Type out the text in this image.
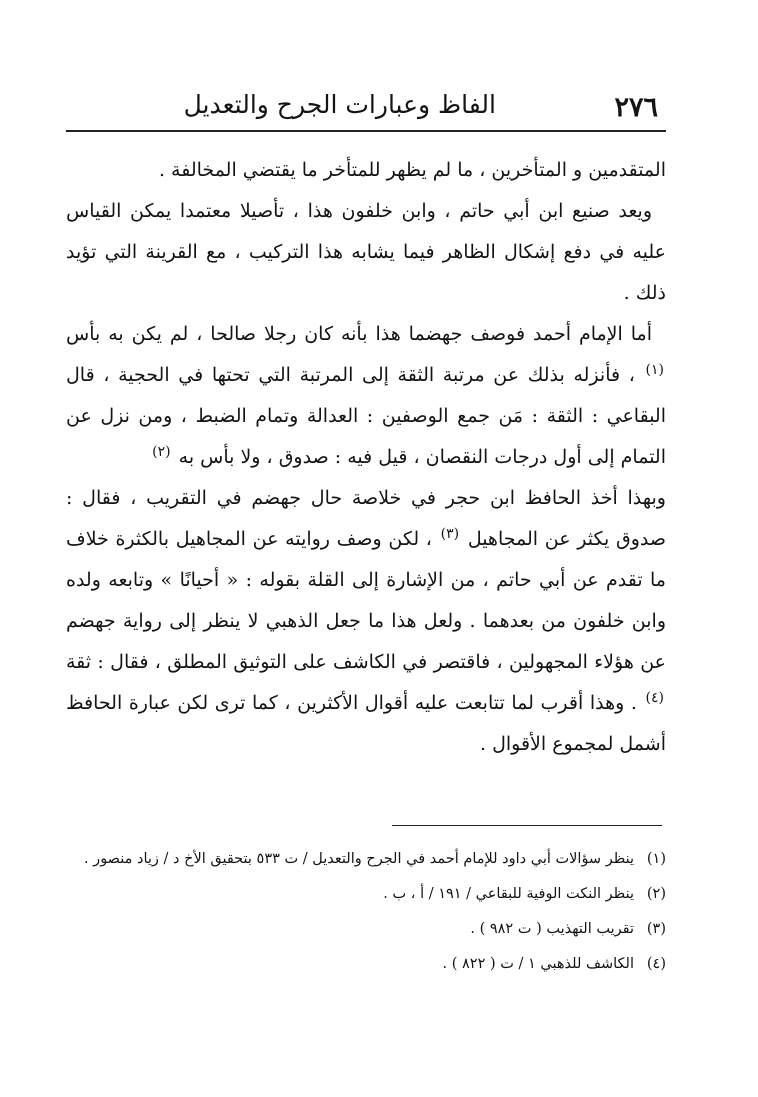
٢٧٦
الفاظ وعبارات الجرح والتعديل

المتقدمين و المتأخرين ، ما لم يظهر للمتأخر ما يقتضي المخالفة .

ويعد صنيع ابن أبي حاتم ، وابن خلفون هذا ، تأصيلا معتمدا يمكن القياس عليه في دفع إشكال الظاهر فيما يشابه هذا التركيب ، مع القرينة التي تؤيد ذلك .

أما الإمام أحمد فوصف جهضما هذا بأنه كان رجلا صالحا ، لم يكن به بأس $^{(١)}$ ، فأنزله بذلك عن مرتبة الثقة إلى المرتبة التي تحتها في الحجية ، قال البقاعي : الثقة : مَن جمع الوصفين : العدالة وتمام الضبط ، ومن نزل عن التمام إلى أول درجات النقصان ، قيل فيه : صدوق ، ولا بأس به $^{(٢)}$

وبهذا أخذ الحافظ ابن حجر في خلاصة حال جهضم في التقريب ، فقال : صدوق يكثر عن المجاهيل $^{(٣)}$ ، لكن وصف روايته عن المجاهيل بالكثرة خلاف ما تقدم عن أبي حاتم ، من الإشارة إلى القلة بقوله : « أحيانًا » وتابعه ولده وابن خلفون من بعدهما . ولعل هذا ما جعل الذهبي لا ينظر إلى رواية جهضم عن هؤلاء المجهولين ، فاقتصر في الكاشف على التوثيق المطلق ، فقال : ثقة $^{(٤)}$ . وهذا أقرب لما تتابعت عليه أقوال الأكثرين ، كما ترى لكن عبارة الحافظ أشمل لمجموع الأقوال .

(١)
ينظر سؤالات أبي داود للإمام أحمد في الجرح والتعديل / ت ٥٣٣ بتحقيق الأخ د / زياد منصور .
(٢)
ينظر النكت الوفية للبقاعي / ١٩١ / أ ، ب .
(٣)
تقريب التهذيب ( ت ٩٨٢ ) .
(٤)
الكاشف للذهبي ١ / ت ( ٨٢٢ ) .
